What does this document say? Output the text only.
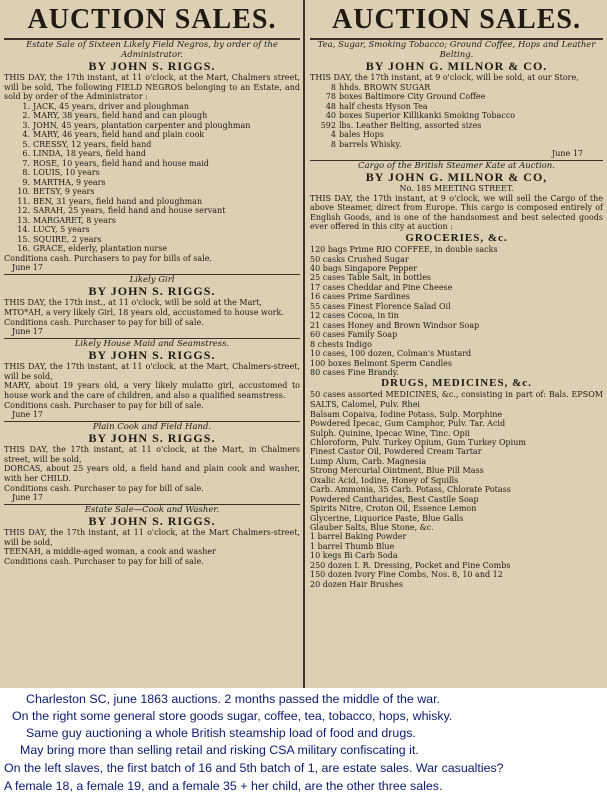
AUCTION SALES.
Estate Sale of Sixteen Likely Field Negros, by order of the Administrator.
BY JOHN S. RIGGS.
THIS DAY, the 17th instant, at 11 o'clock, at the Mart, Chalmers street, will be sold, The following FIELD NEGROS belonging to an Estate, and sold by order of the Administrator :
1. JACK, 45 years, driver and ploughman
2. MARY, 38 years, field hand and can plough
3. JOHN, 45 years, plantation carpenter and ploughman
4. MARY, 46 years, field hand and plain cook
5. CRESSY, 12 years, field hand
6. LINDA, 18 years, field hand
7. ROSE, 10 years, field hand and house maid
8. LOUIS, 10 years
9. MARTHA, 9 years
10. BETSY, 9 years
11. BEN, 31 years, field hand and ploughman
12. SARAH, 25 years, field hand and house servant
13. MARGARET, 8 years
14. LUCY, 5 years
15. SQUIRE, 2 years
16. GRACE, elderly, plantation nurse
Conditions cash. Purchasers to pay for bills of sale.
June 17
Likely Girl
BY JOHN S. RIGGS.
THIS DAY, the 17th inst., at 11 o'clock, will be sold at the Mart,
MTO*AH, a very likely Girl, 18 years old, accustomed to house work.
Conditions cash. Purchaser to pay for bill of sale.
June 17
Likely House Maid and Seamstress.
BY JOHN S. RIGGS.
THIS DAY, the 17th instant, at 11 o'clock, at the Mart, Chalmers-street, will be sold,
MARY, about 19 years old, a very likely mulatto girl, accustomed to house work and the care of children, and also a qualified seamstress.
Conditions cash. Purchaser to pay for bill of sale.
June 17
Plain Cook and Field Hand.
BY JOHN S. RIGGS.
THIS DAY, the 17th instant, at 11 o'clock, at the Mart, in Chalmers street, will be sold,
DORCAS, about 25 years old, a field hand and plain cook and washer, with her CHILD.
Conditions cash. Purchaser to pay for bill of sale.
June 17
Estate Sale—Cook and Washer.
BY JOHN S. RIGGS.
THIS DAY, the 17th instant, at 11 o'clock, at the Mart Chalmers-street, will be sold,
TEENAH, a middle-aged woman, a cook and washer
Conditions cash. Purchaser to pay for bill of sale.
AUCTION SALES.
Tea, Sugar, Smoking Tobacco; Ground Coffee, Hops and Leather Belting.
BY JOHN G. MILNOR & CO.
THIS DAY, the 17th instant, at 9 o'clock, will be sold, at our Store,
8 hhds. BROWN SUGAR
78 boxes Baltimore City Ground Coffee
48 half chests Hyson Tea
40 boxes Superior Killikanki Smoking Tobacco
592 lbs. Leather Belting, assorted sizes
4 bales Hops
8 barrels Whisky.
June 17
Cargo of the British Steamer Kate at Auction.
BY JOHN G. MILNOR & CO,
No. 185 MEETING STREET.
THIS DAY, the 17th instant, at 9 o'clock, we will sell the Cargo of the above Steamer, direct from Europe. This cargo is composed entirely of English Goods, and is one of the handsomest and best selected goods ever offered in this city at auction :
GROCERIES, &c.
120 bags Prime RIO COFFEE, in double sacks
50 casks Crushed Sugar
40 bags Singapore Pepper
25 cases Table Salt, in bottles
17 cases Cheddar and Pine Cheese
16 cases Prime Sardines
55 cases Finest Florence Salad Oil
12 cases Cocoa, in tin
21 cases Honey and Brown Windsor Soap
60 cases Family Soap
8 chests Indigo
10 cases, 100 dozen, Colman's Mustard
100 boxes Belmont Sperm Candles
80 cases Fine Brandy.
DRUGS, MEDICINES, &c.
50 cases assorted MEDICINES, &c., consisting in part of: Bals. EPSOM SALTS, Calomel, Pulv. Rhei
Balsam Copaiva, Iodine Potass, Sulp. Morphine
Powdered Ipecac, Gum Camphor, Pulv. Tar. Acid
Sulph. Quinine, Ipecac Wine, Tinc. Opii
Chloroform, Pulv. Turkey Opium, Gum Turkey Opium
Finest Castor Oil, Powdered Cream Tartar
Lump Alum, Carb. Magnesia
Strong Mercurial Ointment, Blue Pill Mass
Oxalic Acid, Iodine, Honey of Squills
Carb. Ammonia, 35 Carb. Potass, Chlorate Potass
Powdered Cantharides, Best Castile Soap
Spirits Nitre, Croton Oil, Essence Lemon
Glycerine, Liquorice Paste, Blue Galls
Glauber Salts, Blue Stone, &c.
1 barrel Baking Powder
1 barrel Thumb Blue
10 kegs Bi Carb Soda
250 dozen I. R. Dressing, Pocket and Fine Combs
150 dozen Ivory Fine Combs, Nos. 8, 10 and 12
20 dozen Hair Brushes
Charleston SC, june 1863 auctions. 2 months passed the middle of the war.
On the right some general store goods sugar, coffee, tea, tobacco, hops, whisky.
Same guy auctioning a whole British steamship load of food and drugs.
May bring more than selling retail and risking CSA military confiscating it.
On the left slaves, the first batch of 16 and 5th batch of 1, are estate sales. War casualties?
A female 18, a female 19, and a female 35 + her child, are the other three sales.
